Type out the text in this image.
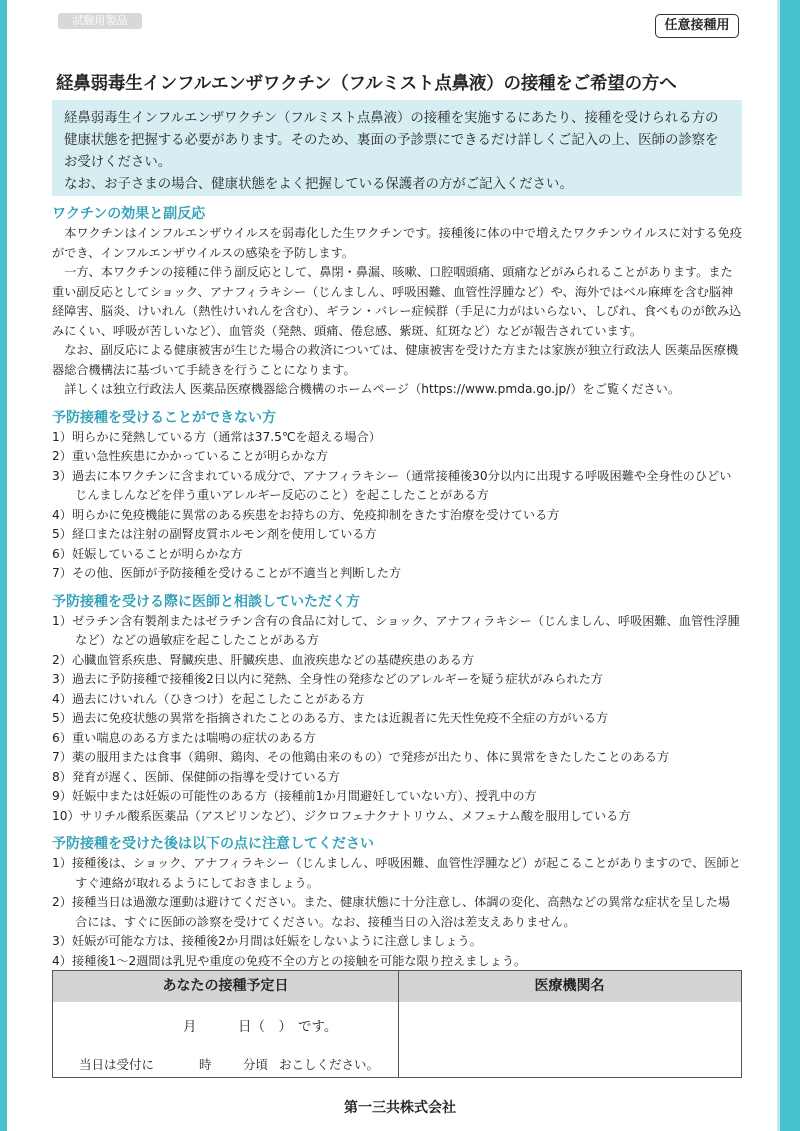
試験用製品	任意接種用
経鼻弱毒生インフルエンザワクチン（フルミスト点鼻液）の接種をご希望の方へ

経鼻弱毒生インフルエンザワクチン（フルミスト点鼻液）の接種を実施するにあたり、接種を受けられる方の健康状態を把握する必要があります。そのため、裏面の予診票にできるだけ詳しくご記入の上、医師の診察をお受けください。

なお、お子さまの場合、健康状態をよく把握している保護者の方がご記入ください。

ワクチンの効果と副反応

本ワクチンはインフルエンザウイルスを弱毒化した生ワクチンです。接種後に体の中で増えたワクチンウイルスに対する免疫ができ、インフルエンザウイルスの感染を予防します。

一方、本ワクチンの接種に伴う副反応として、鼻閉・鼻漏、咳嗽、口腔咽頭痛、頭痛などがみられることがあります。また重い副反応としてショック、アナフィラキシー（じんましん、呼吸困難、血管性浮腫など）や、海外ではベル麻痺を含む脳神経障害、脳炎、けいれん（熱性けいれんを含む）、ギラン・バレー症候群（手足に力がはいらない、しびれ、食べものが飲み込みにくい、呼吸が苦しいなど）、血管炎（発熱、頭痛、倦怠感、紫斑、紅斑など）などが報告されています。

なお、副反応による健康被害が生じた場合の救済については、健康被害を受けた方または家族が独立行政法人 医薬品医療機器総合機構法に基づいて手続きを行うことになります。

詳しくは独立行政法人 医薬品医療機器総合機構のホームページ（https://www.pmda.go.jp/）をご覧ください。

予防接種を受けることができない方

1）明らかに発熱している方（通常は37.5℃を超える場合）
2）重い急性疾患にかかっていることが明らかな方
3）過去に本ワクチンに含まれている成分で、アナフィラキシー（通常接種後30分以内に出現する呼吸困難や全身性のひどいじんましんなどを伴う重いアレルギー反応のこと）を起こしたことがある方
4）明らかに免疫機能に異常のある疾患をお持ちの方、免疫抑制をきたす治療を受けている方
5）経口または注射の副腎皮質ホルモン剤を使用している方
6）妊娠していることが明らかな方
7）その他、医師が予防接種を受けることが不適当と判断した方

予防接種を受ける際に医師と相談していただく方

1）ゼラチン含有製剤またはゼラチン含有の食品に対して、ショック、アナフィラキシー（じんましん、呼吸困難、血管性浮腫など）などの過敏症を起こしたことがある方
2）心臓血管系疾患、腎臓疾患、肝臓疾患、血液疾患などの基礎疾患のある方
3）過去に予防接種で接種後2日以内に発熱、全身性の発疹などのアレルギーを疑う症状がみられた方
4）過去にけいれん（ひきつけ）を起こしたことがある方
5）過去に免疫状態の異常を指摘されたことのある方、または近親者に先天性免疫不全症の方がいる方
6）重い喘息のある方または喘鳴の症状のある方
7）薬の服用または食事（鶏卵、鶏肉、その他鶏由来のもの）で発疹が出たり、体に異常をきたしたことのある方
8）発育が遅く、医師、保健師の指導を受けている方
9）妊娠中または妊娠の可能性のある方（接種前1か月間避妊していない方）、授乳中の方
10）サリチル酸系医薬品（アスピリンなど）、ジクロフェナクナトリウム、メフェナム酸を服用している方

予防接種を受けた後は以下の点に注意してください

1）接種後は、ショック、アナフィラキシー（じんましん、呼吸困難、血管性浮腫など）が起こることがありますので、医師とすぐ連絡が取れるようにしておきましょう。
2）接種当日は過激な運動は避けてください。また、健康状態に十分注意し、体調の変化、高熱などの異常な症状を呈した場合には、すぐに医師の診察を受けてください。なお、接種当日の入浴は差支えありません。
3）妊娠が可能な方は、接種後2か月間は妊娠をしないように注意しましょう。
4）接種後1～2週間は乳児や重度の免疫不全の方との接触を可能な限り控えましょう。
あなたの接種予定日	医療機関名
月	日（　） です。
当日は受付に	時	分頃 おこしください。
第一三共株式会社
